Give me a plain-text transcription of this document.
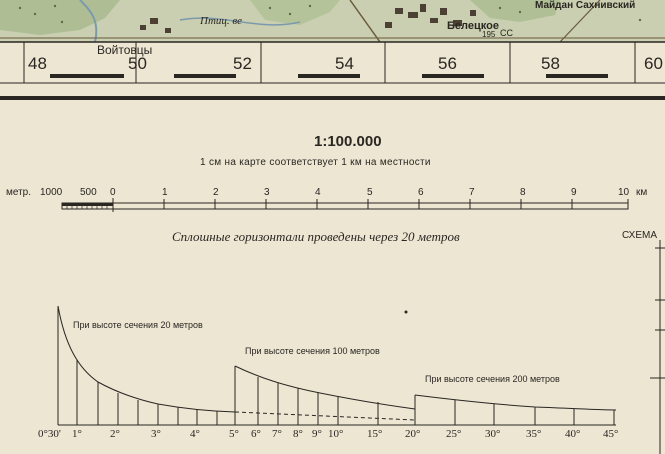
Птиц. ве	Белецкое
Майдан Сахнивский
195 СС
Войтовцы
48	50	52	54	56	58	60
1:100.000
1 см на карте соответствует 1 км на местности
метр. 1000 500 0	1	2	3	4	5	6	7	8	9	10 км
Сплошные горизонтали проведены через 20 метров	СХЕМА
При высоте сечения 20 метров
При высоте сечения 100 метров
При высоте сечения 200 метров
0°30' 1°	2°	3°	4°	5° 6° 7° 8° 9° 10° 15° 20° 25° 30° 35° 40° 45°
